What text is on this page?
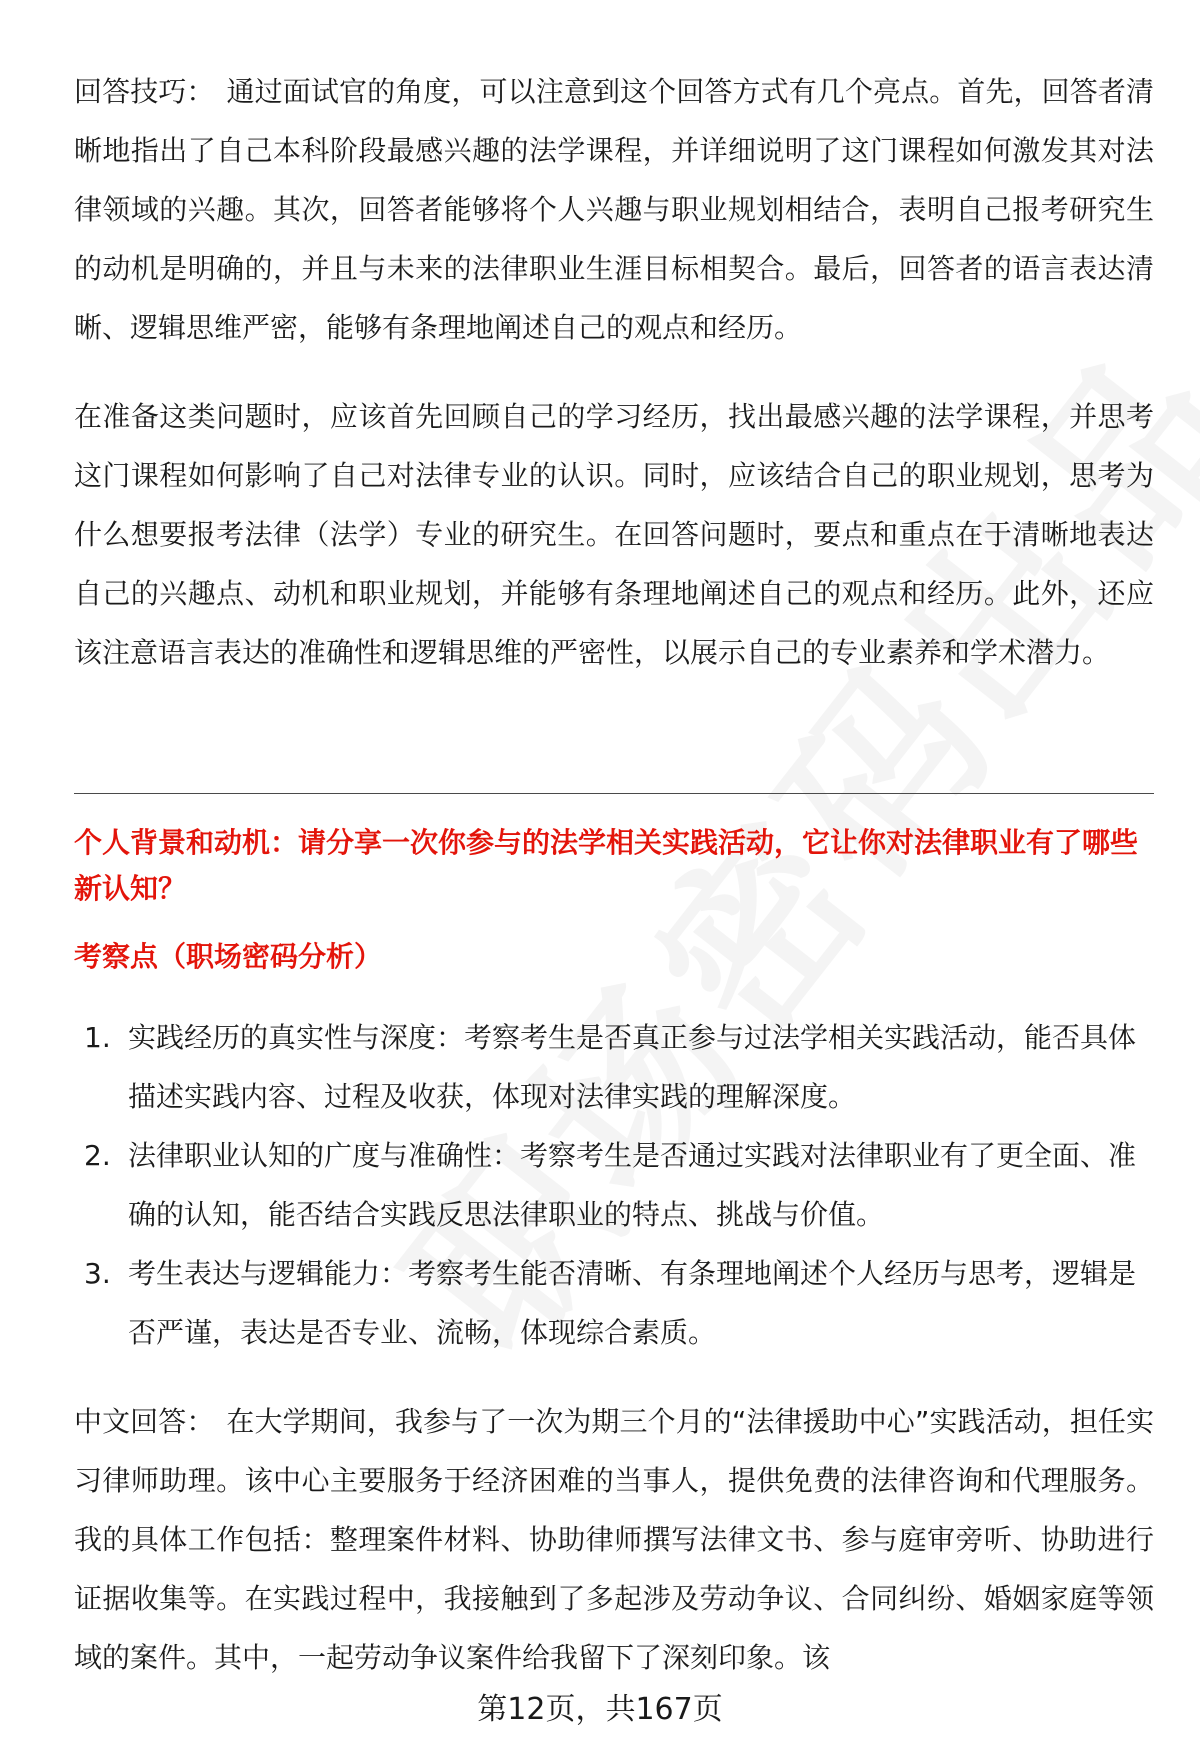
回答技巧： 通过面试官的角度，可以注意到这个回答方式有几个亮点。首先，回答者清晰地指出了自己本科阶段最感兴趣的法学课程，并详细说明了这门课程如何激发其对法律领域的兴趣。其次，回答者能够将个人兴趣与职业规划相结合，表明自己报考研究生的动机是明确的，并且与未来的法律职业生涯目标相契合。最后，回答者的语言表达清晰、逻辑思维严密，能够有条理地阐述自己的观点和经历。

在准备这类问题时，应该首先回顾自己的学习经历，找出最感兴趣的法学课程，并思考这门课程如何影响了自己对法律专业的认识。同时，应该结合自己的职业规划，思考为什么想要报考法律（法学）专业的研究生。在回答问题时，要点和重点在于清晰地表达自己的兴趣点、动机和职业规划，并能够有条理地阐述自己的观点和经历。此外，还应该注意语言表达的准确性和逻辑思维的严密性，以展示自己的专业素养和学术潜力。

个人背景和动机：请分享一次你参与的法学相关实践活动，它让你对法律职业有了哪些新认知？

考察点（职场密码分析）

1. 实践经历的真实性与深度：考察考生是否真正参与过法学相关实践活动，能否具体描述实践内容、过程及收获，体现对法律实践的理解深度。
2. 法律职业认知的广度与准确性：考察考生是否通过实践对法律职业有了更全面、准确的认知，能否结合实践反思法律职业的特点、挑战与价值。
3. 考生表达与逻辑能力：考察考生能否清晰、有条理地阐述个人经历与思考，逻辑是否严谨，表达是否专业、流畅，体现综合素质。

中文回答： 在大学期间，我参与了一次为期三个月的“法律援助中心”实践活动，担任实习律师助理。该中心主要服务于经济困难的当事人，提供免费的法律咨询和代理服务。我的具体工作包括：整理案件材料、协助律师撰写法律文书、参与庭审旁听、协助进行证据收集等。在实践过程中，我接触到了多起涉及劳动争议、合同纠纷、婚姻家庭等领域的案件。其中，一起劳动争议案件给我留下了深刻印象。该

第12页，共167页
